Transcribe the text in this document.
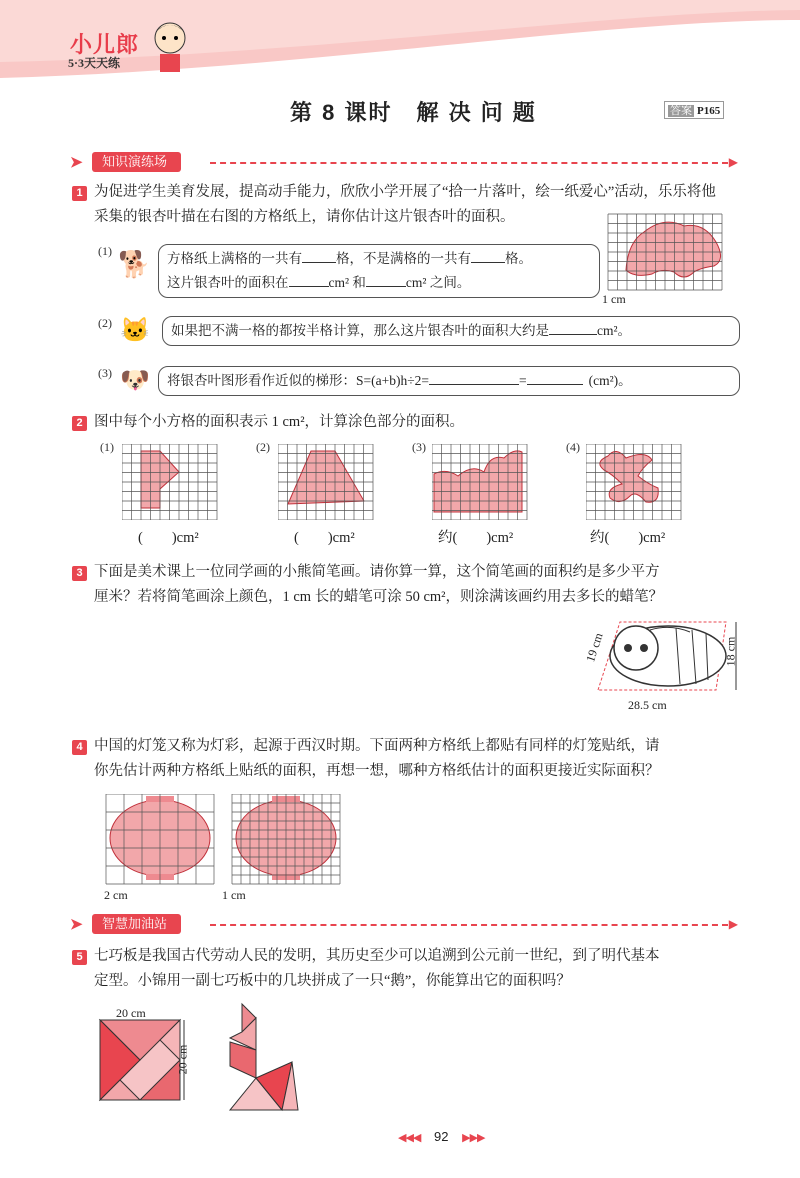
小儿郎
5·3天天练
第 8 课时　解 决 问 题	答案 P165
➤	知识演练场	▶
1 为促进学生美育发展，提高动手能力，欣欣小学开展了“拾一片落叶，绘一纸爱心”活动，乐乐将他
采集的银杏叶描在右图的方格纸上，请你估计这片银杏叶的面积。
1 cm
(1) 🐕	方格纸上满格的一共有	格，不是满格的一共有	格。
这片银杏叶的面积在	cm² 和	cm² 之间。
(2) 🐱	如果把不满一格的都按半格计算，那么这片银杏叶的面积大约是	cm²。
(3) 🐶	将银杏叶图形看作近似的梯形：S=(a+b)h÷2=	=	(cm²)。
2 图中每个小方格的面积表示 1 cm²，计算涂色部分的面积。
(1)	(2)	(3)	(4)
(　　)cm²	(　　)cm²	约(　　)cm²	约(　　)cm²
3 下面是美术课上一位同学画的小熊简笔画。请你算一算，这个简笔画的面积约是多少平方
厘米？若将简笔画涂上颜色，1 cm 长的蜡笔可涂 50 cm²，则涂满该画约用去多长的蜡笔？
19 cm	18 cm
28.5 cm
4 中国的灯笼又称为灯彩，起源于西汉时期。下面两种方格纸上都贴有同样的灯笼贴纸，请
你先估计两种方格纸上贴纸的面积，再想一想，哪种方格纸估计的面积更接近实际面积？
2 cm	1 cm
➤	智慧加油站	▶
5 七巧板是我国古代劳动人民的发明，其历史至少可以追溯到公元前一世纪，到了明代基本
定型。小锦用一副七巧板中的几块拼成了一只“鹅”，你能算出它的面积吗？
20 cm
20 cm
◀◀◀ 92 ▶▶▶
